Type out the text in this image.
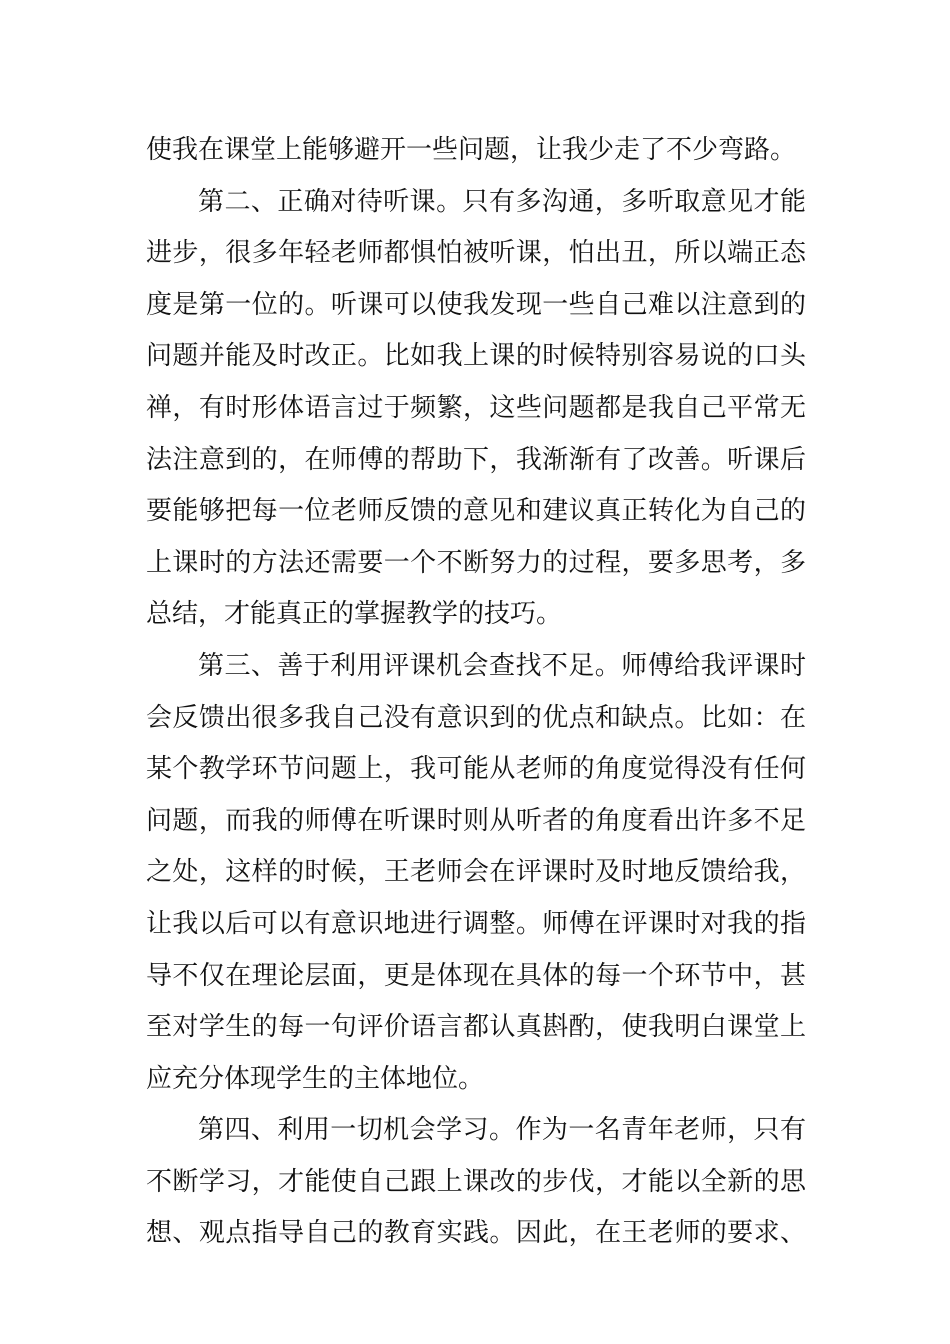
使我在课堂上能够避开一些问题，让我少走了不少弯路。
第二、正确对待听课。只有多沟通，多听取意见才能
进步，很多年轻老师都惧怕被听课，怕出丑，所以端正态
度是第一位的。听课可以使我发现一些自己难以注意到的
问题并能及时改正。比如我上课的时候特别容易说的口头
禅，有时形体语言过于频繁，这些问题都是我自己平常无
法注意到的，在师傅的帮助下，我渐渐有了改善。听课后
要能够把每一位老师反馈的意见和建议真正转化为自己的
上课时的方法还需要一个不断努力的过程，要多思考，多
总结，才能真正的掌握教学的技巧。
第三、善于利用评课机会查找不足。师傅给我评课时
会反馈出很多我自己没有意识到的优点和缺点。比如：在
某个教学环节问题上，我可能从老师的角度觉得没有任何
问题，而我的师傅在听课时则从听者的角度看出许多不足
之处，这样的时候，王老师会在评课时及时地反馈给我，
让我以后可以有意识地进行调整。师傅在评课时对我的指
导不仅在理论层面，更是体现在具体的每一个环节中，甚
至对学生的每一句评价语言都认真斟酌，使我明白课堂上
应充分体现学生的主体地位。
第四、利用一切机会学习。作为一名青年老师，只有
不断学习，才能使自己跟上课改的步伐，才能以全新的思
想、观点指导自己的教育实践。因此，在王老师的要求、
